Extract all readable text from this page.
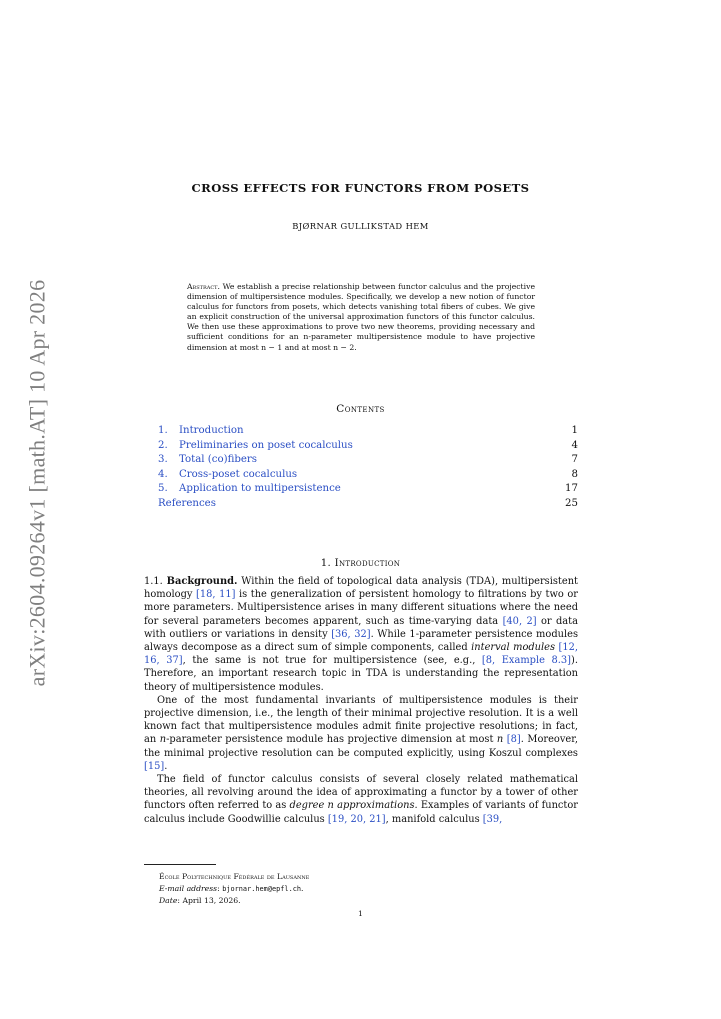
arXiv:2604.09264v1 [math.AT] 10 Apr 2026
CROSS EFFECTS FOR FUNCTORS FROM POSETS
BJØRNAR GULLIKSTAD HEM
Abstract. We establish a precise relationship between functor calculus and the projective dimension of multipersistence modules. Specifically, we develop a new notion of functor calculus for functors from posets, which detects vanishing total fibers of cubes. We give an explicit construction of the universal approximation functors of this functor calculus. We then use these approximations to prove two new theorems, providing necessary and sufficient conditions for an n-parameter multipersistence module to have projective dimension at most n − 1 and at most n − 2.
Contents
1.	Introduction	1
2.	Preliminaries on poset cocalculus	4
3.	Total (co)fibers	7
4.	Cross-poset cocalculus	8
5.	Application to multipersistence	17
References	25
1. Introduction

1.1. Background. Within the field of topological data analysis (TDA), multipersistent homology [18, 11] is the generalization of persistent homology to filtrations by two or more parameters. Multipersistence arises in many different situations where the need for several parameters becomes apparent, such as time-varying data [40, 2] or data with outliers or variations in density [36, 32]. While 1-parameter persistence modules always decompose as a direct sum of simple components, called interval modules [12, 16, 37], the same is not true for multipersistence (see, e.g., [8, Example 8.3]). Therefore, an important research topic in TDA is understanding the representation theory of multipersistence modules.

One of the most fundamental invariants of multipersistence modules is their projective dimension, i.e., the length of their minimal projective resolution. It is a well known fact that multipersistence modules admit finite projective resolutions; in fact, an n-parameter persistence module has projective dimension at most n [8]. Moreover, the minimal projective resolution can be computed explicitly, using Koszul complexes [15].

The field of functor calculus consists of several closely related mathematical theories, all revolving around the idea of approximating a functor by a tower of other functors often referred to as degree n approximations. Examples of variants of functor calculus include Goodwillie calculus [19, 20, 21], manifold calculus [39,

École Polytechnique Fédérale de Lausanne
E-mail address: bjornar.hem@epfl.ch.
Date: April 13, 2026.
1
